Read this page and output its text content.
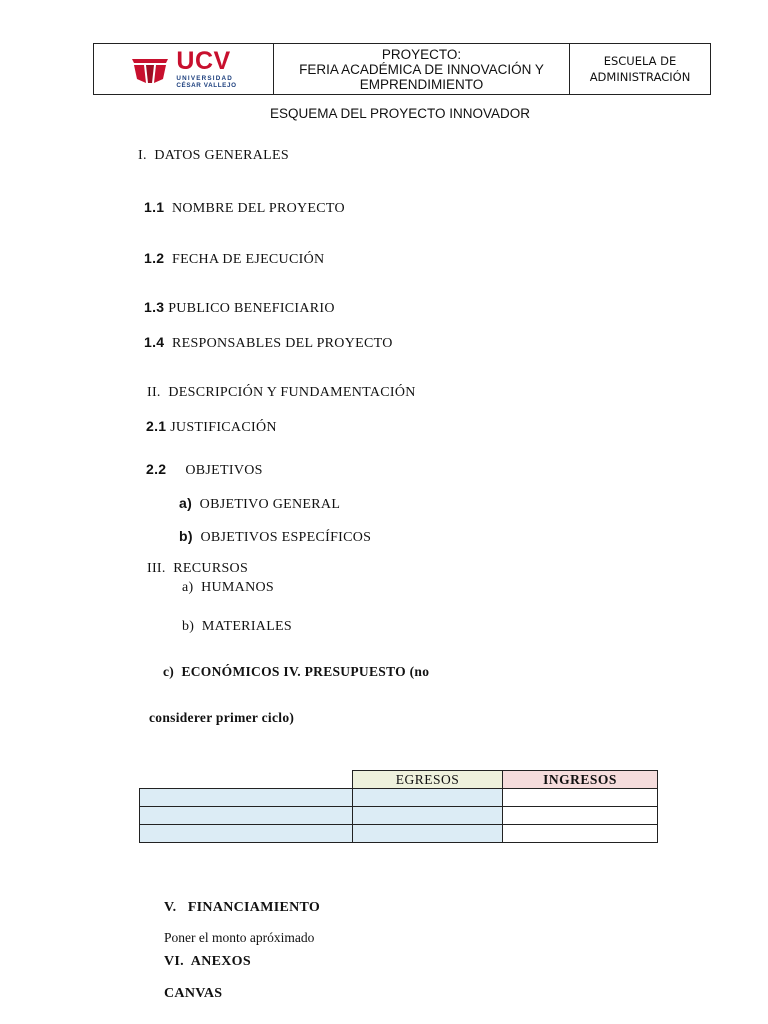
UCV
UNIVERSIDAD
CÉSAR VALLEJO
PROYECTO:
FERIA ACADÉMICA DE INNOVACIÓN Y
EMPRENDIMIENTO
ESCUELA DE
ADMINISTRACIÓN
ESQUEMA DEL PROYECTO INNOVADOR
I. DATOS GENERALES
1.1 NOMBRE DEL PROYECTO
1.2 FECHA DE EJECUCIÓN
1.3 PUBLICO BENEFICIARIO
1.4 RESPONSABLES DEL PROYECTO
II. DESCRIPCIÓN Y FUNDAMENTACIÓN
2.1 JUSTIFICACIÓN
2.2 OBJETIVOS
a) OBJETIVO GENERAL
b) OBJETIVOS ESPECÍFICOS
III. RECURSOS
a) HUMANOS
b) MATERIALES
c) ECONÓMICOS IV. PRESUPUESTO (no
considerer primer ciclo)
	EGRESOS	INGRESOS

V. FINANCIAMIENTO
Poner el monto apróximado
VI. ANEXOS
CANVAS
